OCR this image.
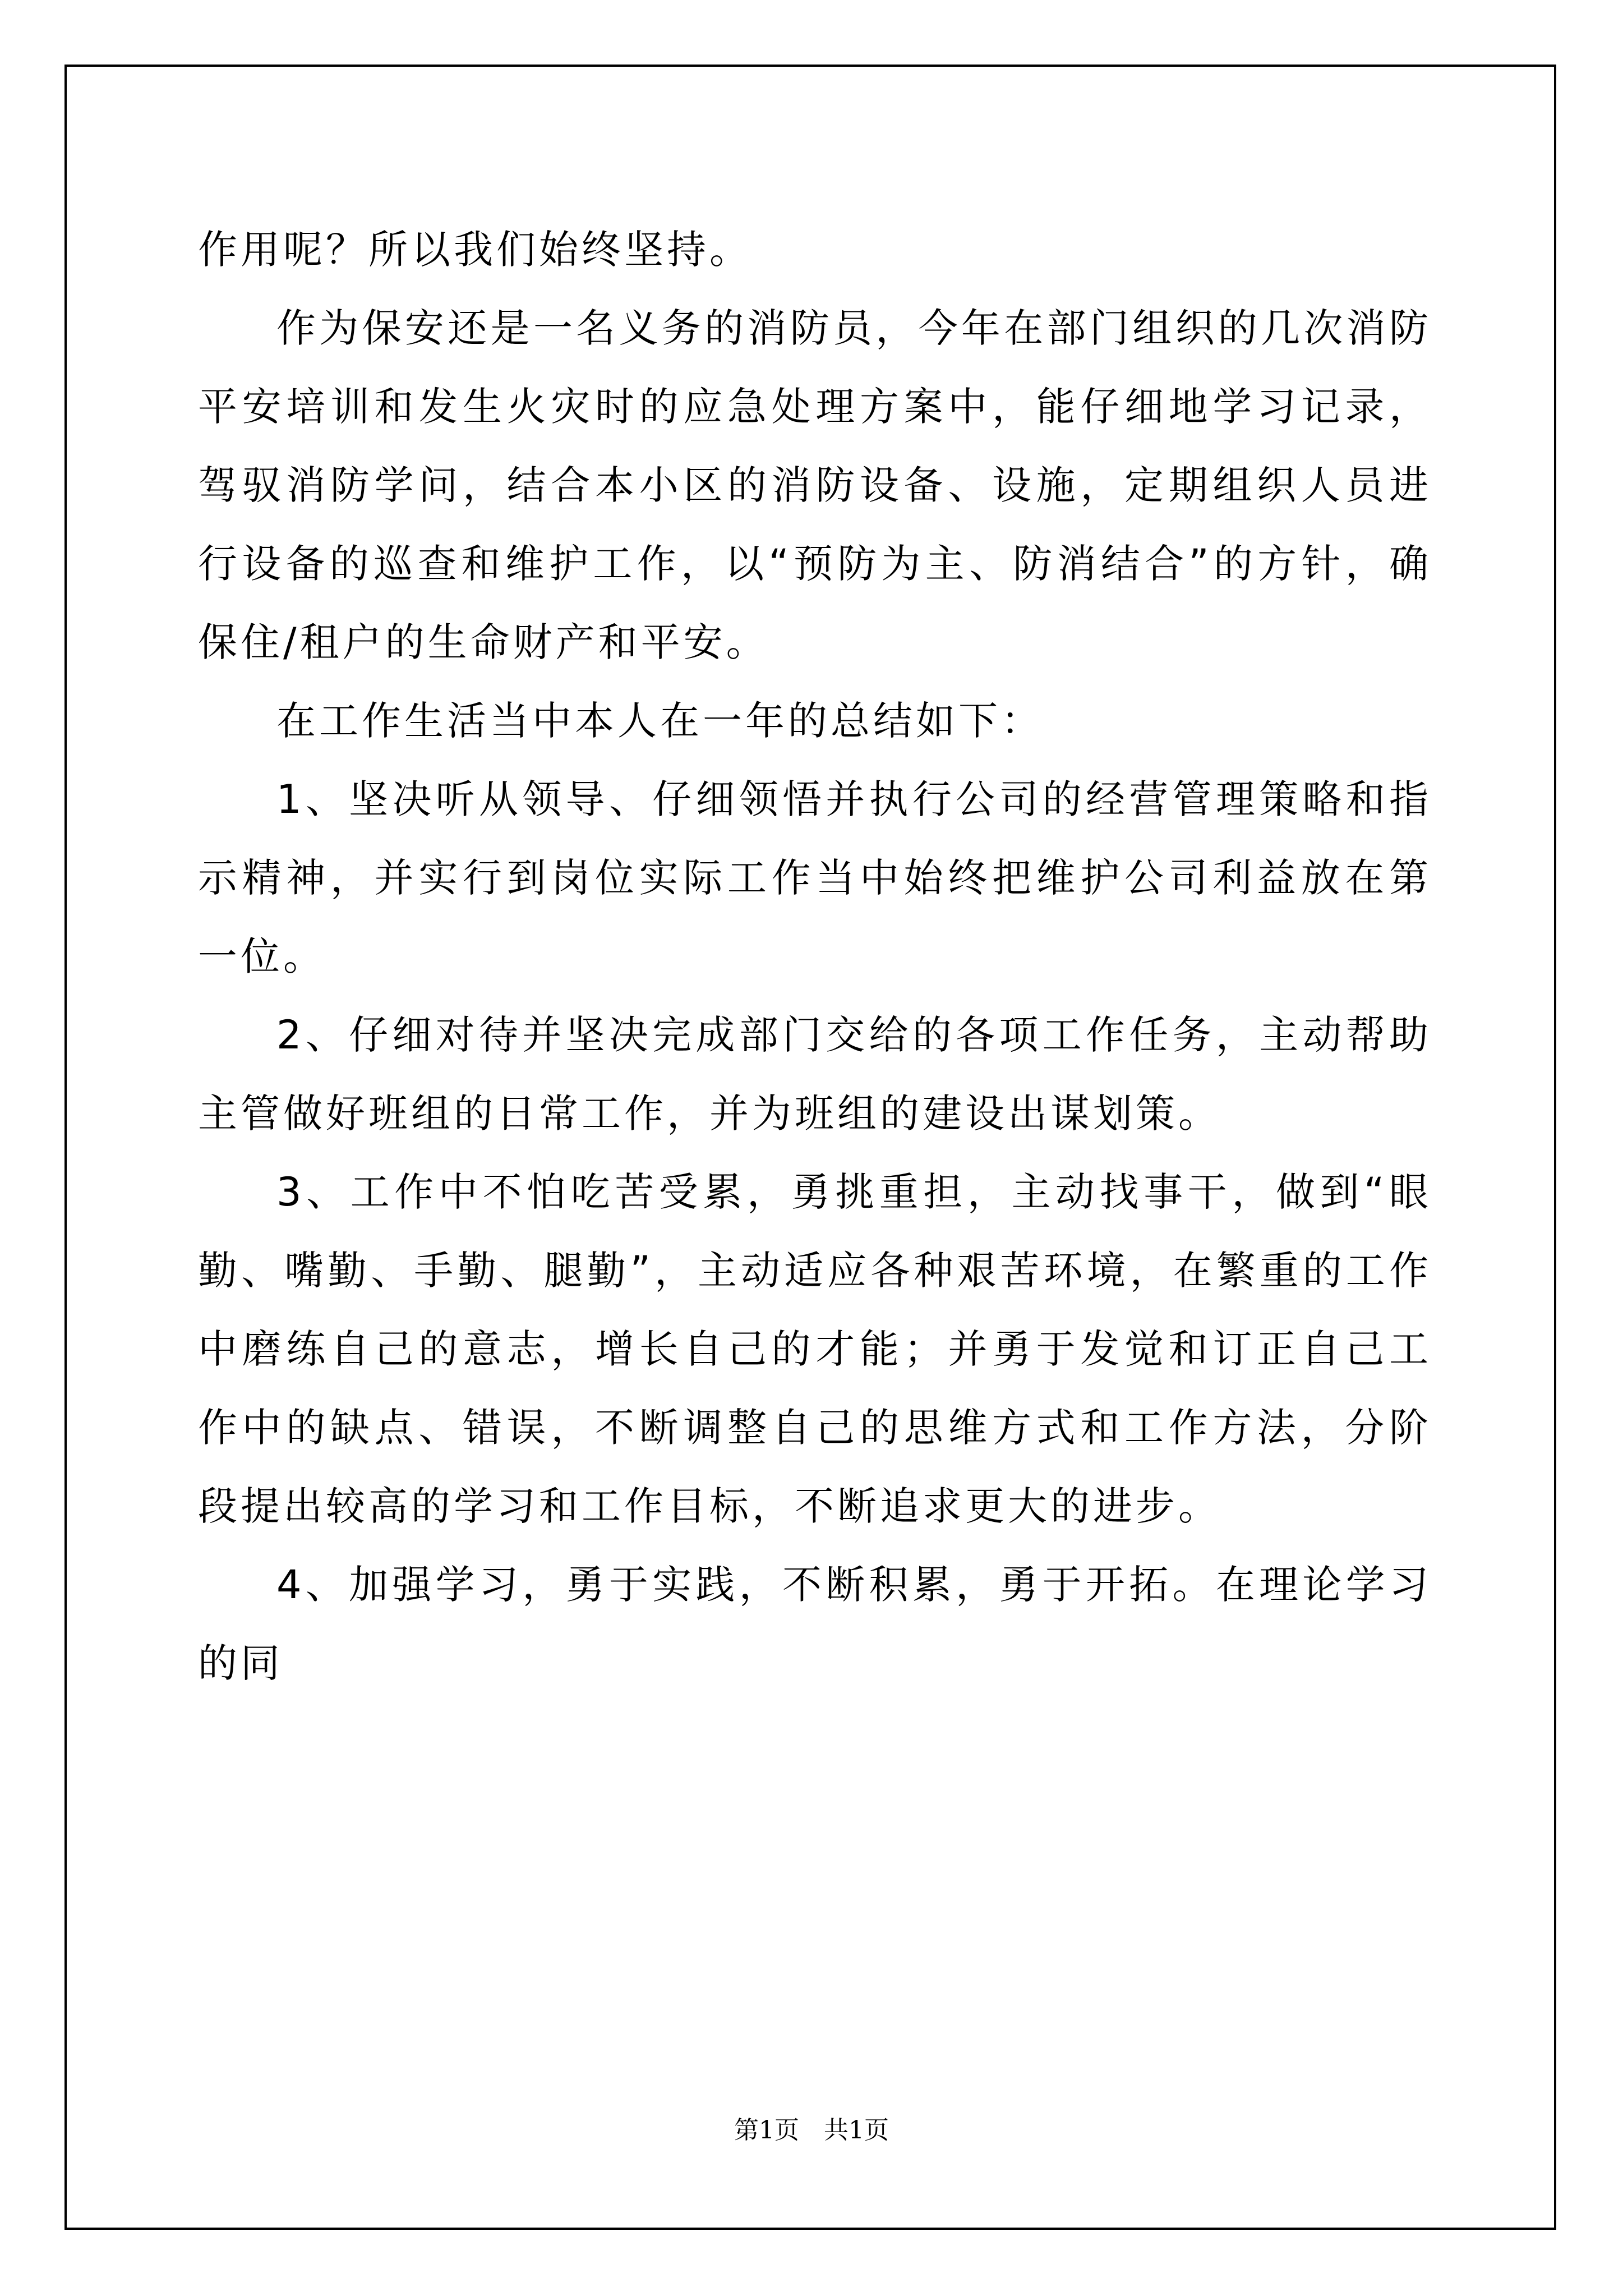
作用呢？所以我们始终坚持。

作为保安还是一名义务的消防员，今年在部门组织的几次消防平安培训和发生火灾时的应急处理方案中，能仔细地学习记录，驾驭消防学问，结合本小区的消防设备、设施，定期组织人员进行设备的巡查和维护工作，以“预防为主、防消结合”的方针，确保住/租户的生命财产和平安。

在工作生活当中本人在一年的总结如下：

1、坚决听从领导、仔细领悟并执行公司的经营管理策略和指示精神，并实行到岗位实际工作当中始终把维护公司利益放在第一位。

2、仔细对待并坚决完成部门交给的各项工作任务，主动帮助主管做好班组的日常工作，并为班组的建设出谋划策。

3、工作中不怕吃苦受累，勇挑重担，主动找事干，做到“眼勤、嘴勤、手勤、腿勤”，主动适应各种艰苦环境，在繁重的工作中磨练自己的意志，增长自己的才能；并勇于发觉和订正自己工作中的缺点、错误，不断调整自己的思维方式和工作方法，分阶段提出较高的学习和工作目标，不断追求更大的进步。

4、加强学习，勇于实践，不断积累，勇于开拓。在理论学习的同

第1页　共1页
